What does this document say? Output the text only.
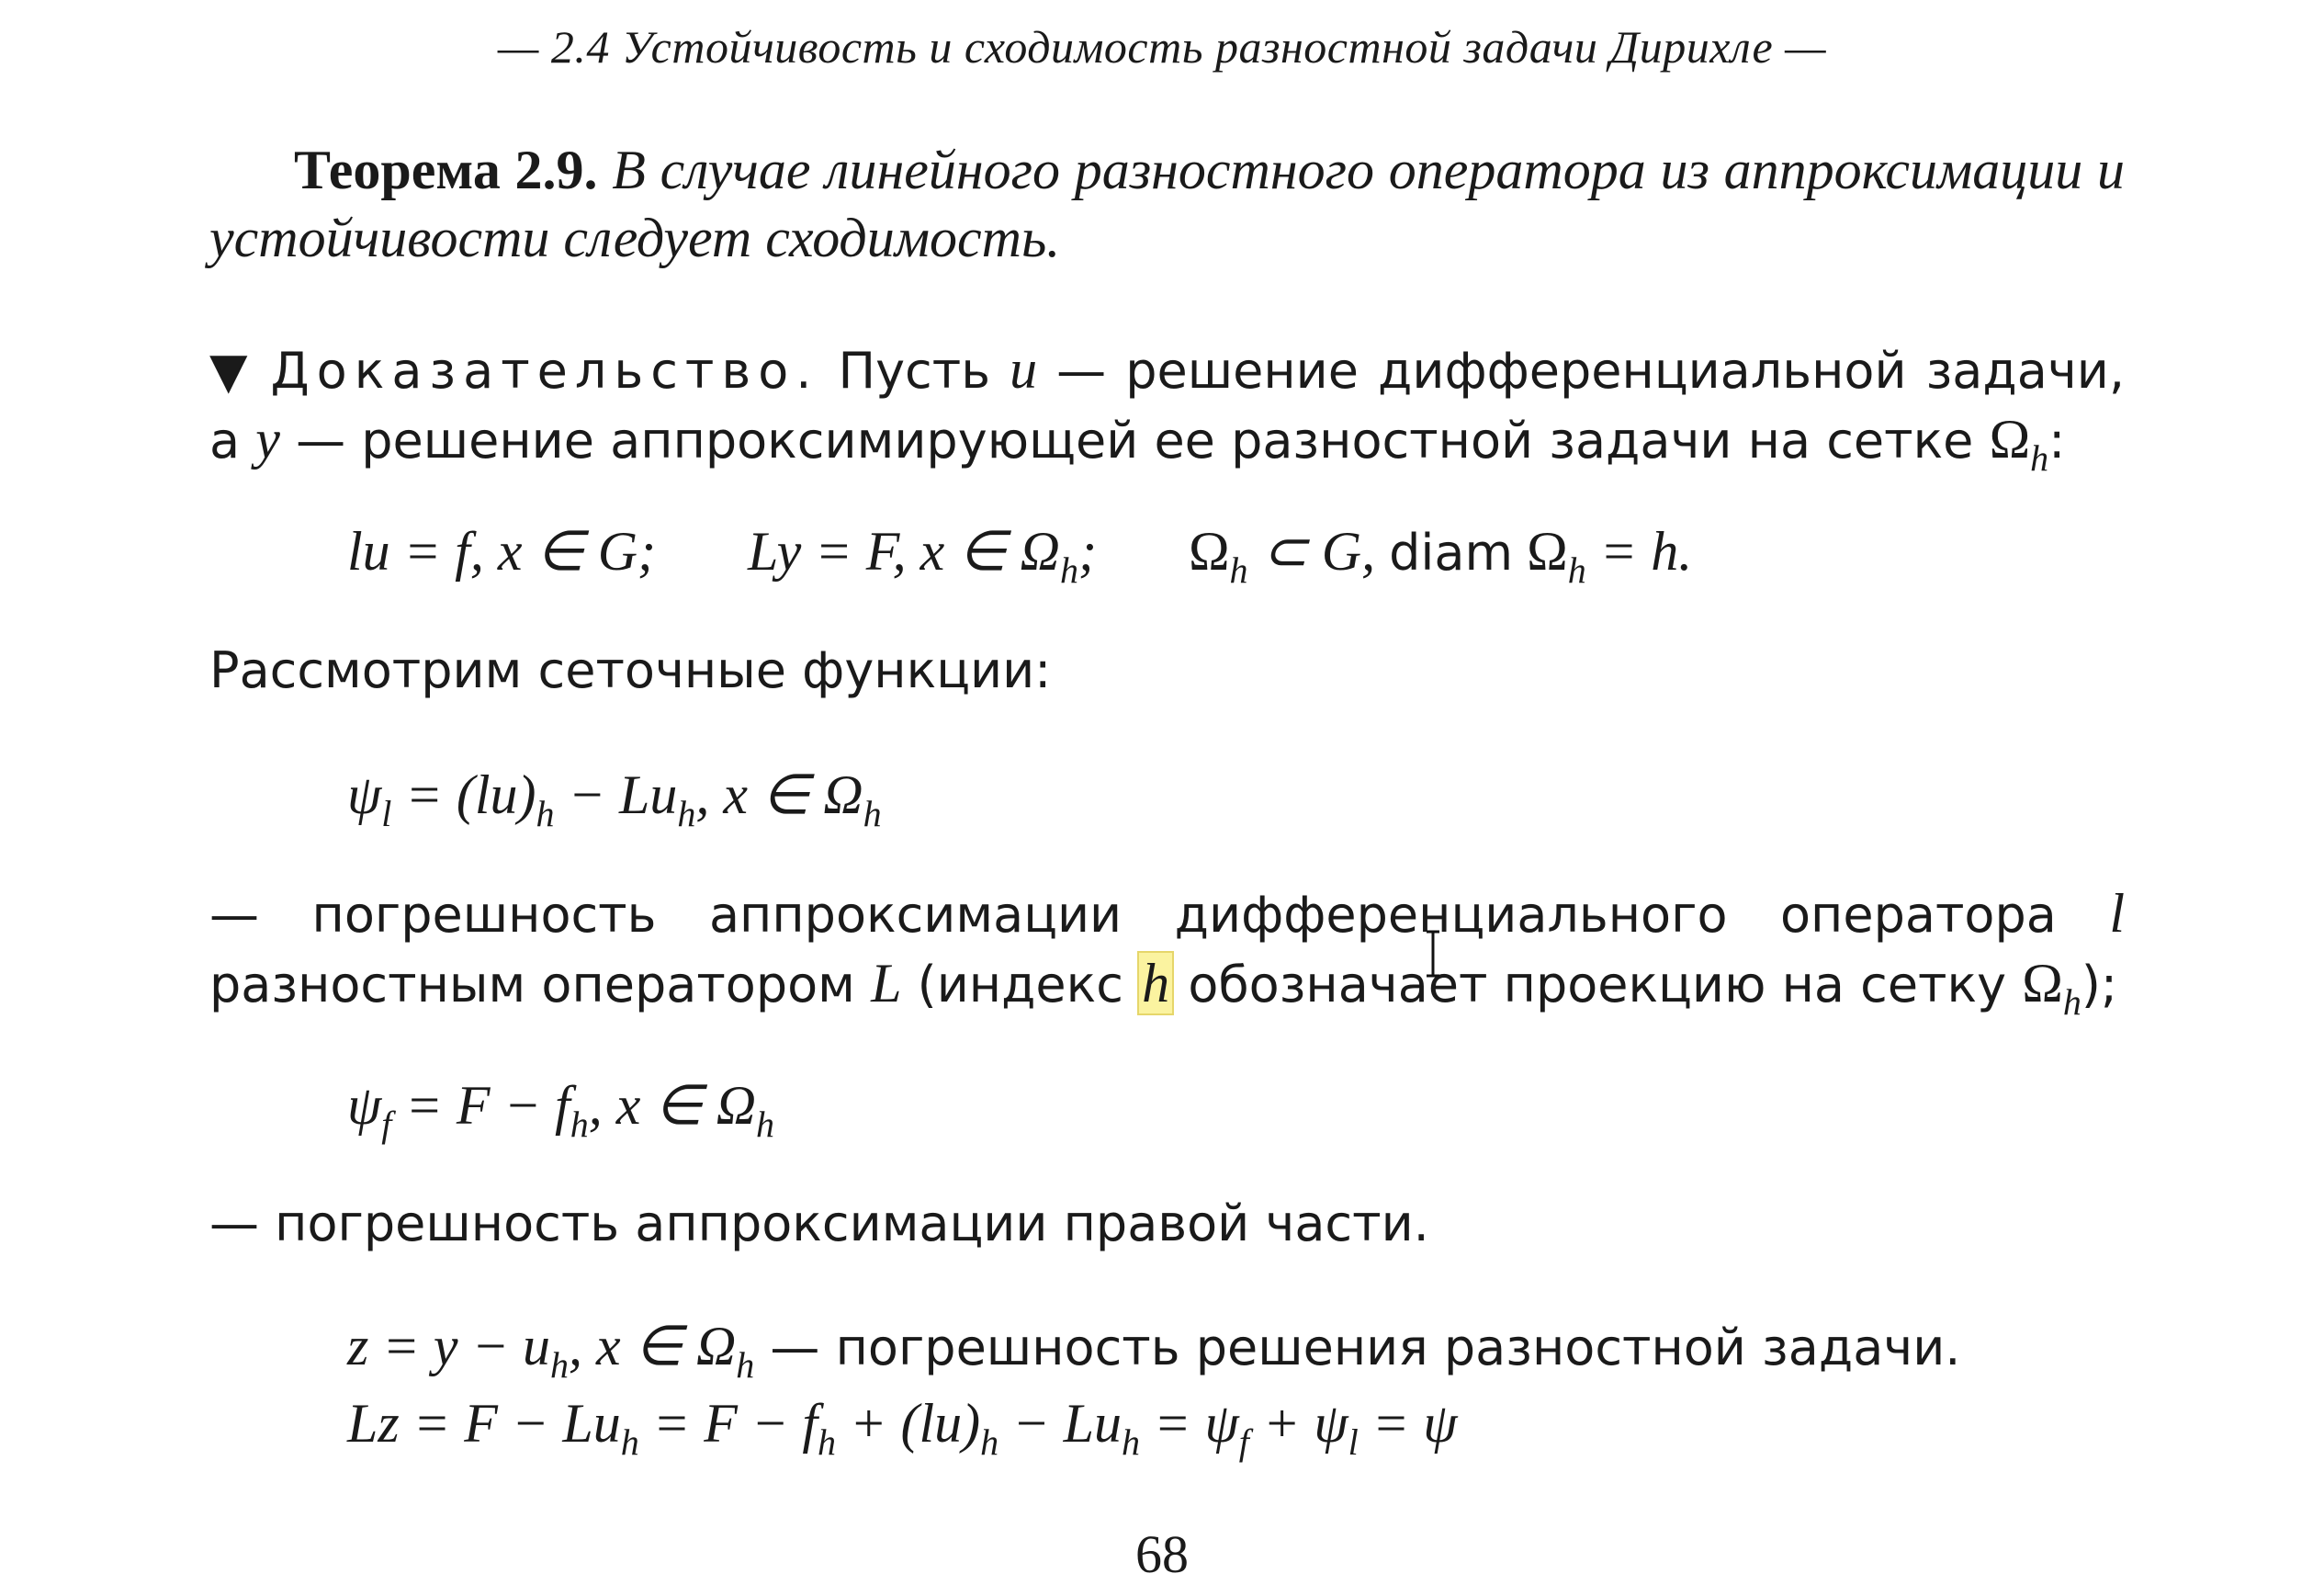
— 2.4 Устойчивость и сходимость разностной задачи Дирихле —
Теорема 2.9. В случае линейного разностного оператора из аппроксимации и устойчивости следует сходимость.
▼ Доказательство. Пусть u — решение дифференциальной задачи, а y — решение аппроксимирующей ее разностной задачи на сетке $\Omega_h$:
lu = f, x ∈ G; Ly = F, x ∈ $\Omega_h$; $\Omega_h$ ⊂ G, diam $\Omega_h = h$.
Рассмотрим сеточные функции:
$\psi_l = (lu)_h - Lu_h$, x ∈ $\Omega_h$
— погрешность аппроксимации дифференциального оператора l разностным оператором L (индекс h обозначает проекцию на сетку $\Omega_h$);
$\psi_f = F - f_h$, x ∈ $\Omega_h$
— погрешность аппроксимации правой части.
$z = y - u_h$, x ∈ $\Omega_h$ — погрешность решения разностной задачи.
$Lz = F - Lu_h = F - f_h + (lu)_h - Lu_h = \psi_f + \psi_l = \psi$
68
